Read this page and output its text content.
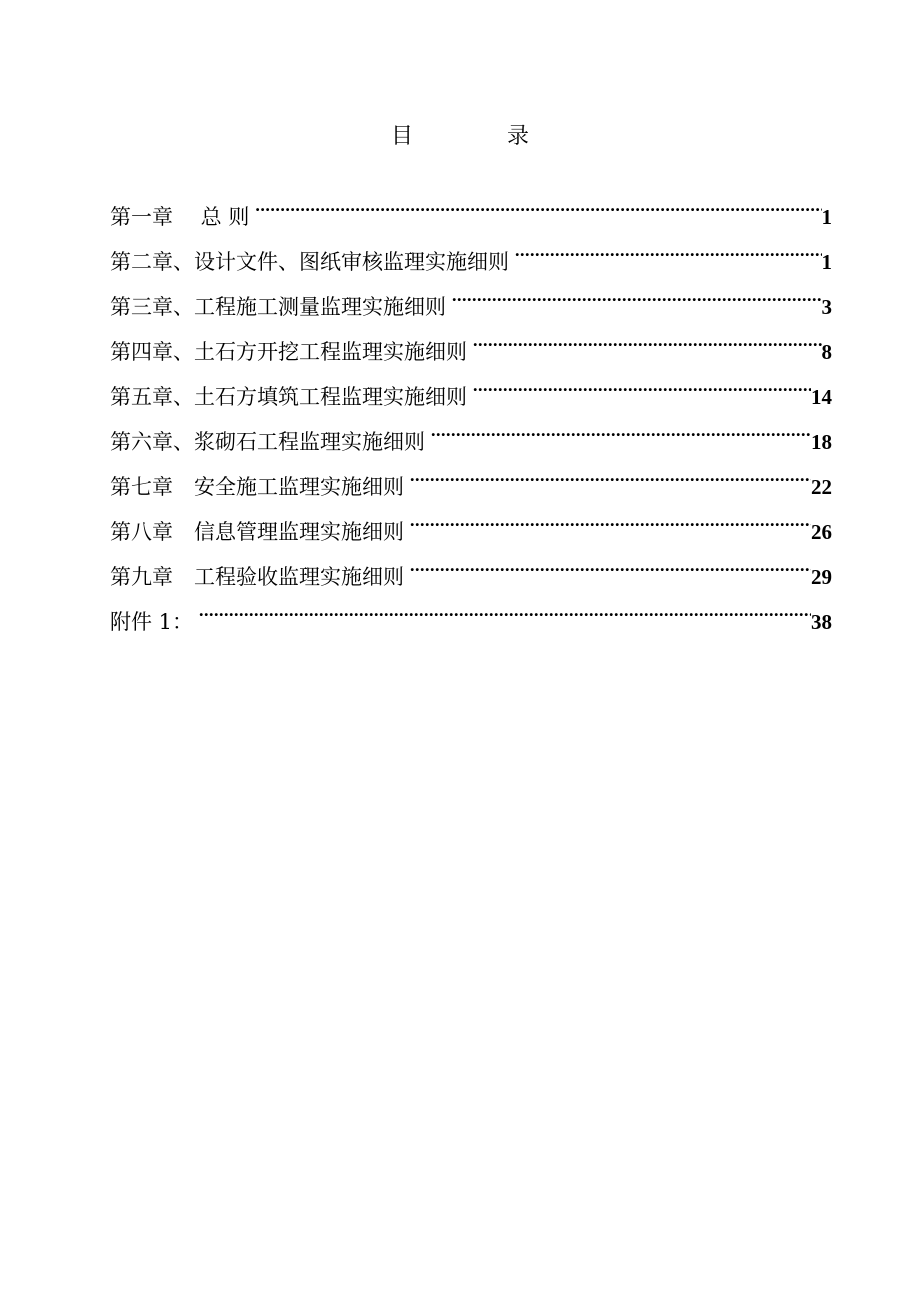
目　录
第一章　 总 则 .....	1
第二章、设计文件、图纸审核监理实施细则 .....	1
第三章、工程施工测量监理实施细则 .....	3
第四章、土石方开挖工程监理实施细则 .....	8
第五章、土石方填筑工程监理实施细则 .....	14
第六章、浆砌石工程监理实施细则 .....	18
第七章　安全施工监理实施细则 .....	22
第八章　信息管理监理实施细则 .....	26
第九章　工程验收监理实施细则 .....	29
附件 1： .....	38
